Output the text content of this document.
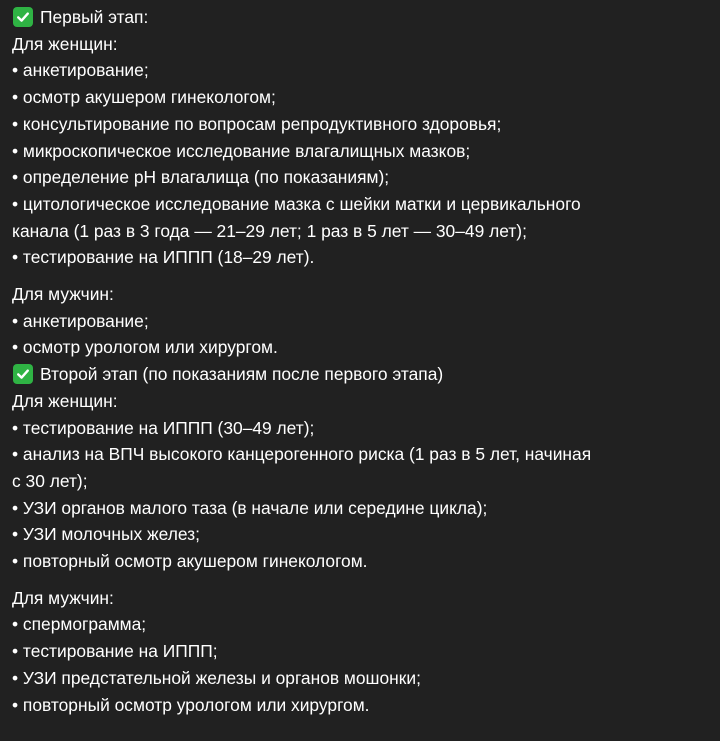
Первый этап:
Для женщин:
• анкетирование;
• осмотр акушером гинекологом;
• консультирование по вопросам репродуктивного здоровья;
• микроскопическое исследование влагалищных мазков;
• определение pH влагалища (по показаниям);
• цитологическое исследование мазка с шейки матки и цервикального
канала (1 раз в 3 года — 21–29 лет; 1 раз в 5 лет — 30–49 лет);
• тестирование на ИППП (18–29 лет).
Для мужчин:
• анкетирование;
• осмотр урологом или хирургом.
Второй этап (по показаниям после первого этапа)
Для женщин:
• тестирование на ИППП (30–49 лет);
• анализ на ВПЧ высокого канцерогенного риска (1 раз в 5 лет, начиная
с 30 лет);
• УЗИ органов малого таза (в начале или середине цикла);
• УЗИ молочных желез;
• повторный осмотр акушером гинекологом.
Для мужчин:
• спермограмма;
• тестирование на ИППП;
• УЗИ предстательной железы и органов мошонки;
• повторный осмотр урологом или хирургом.
